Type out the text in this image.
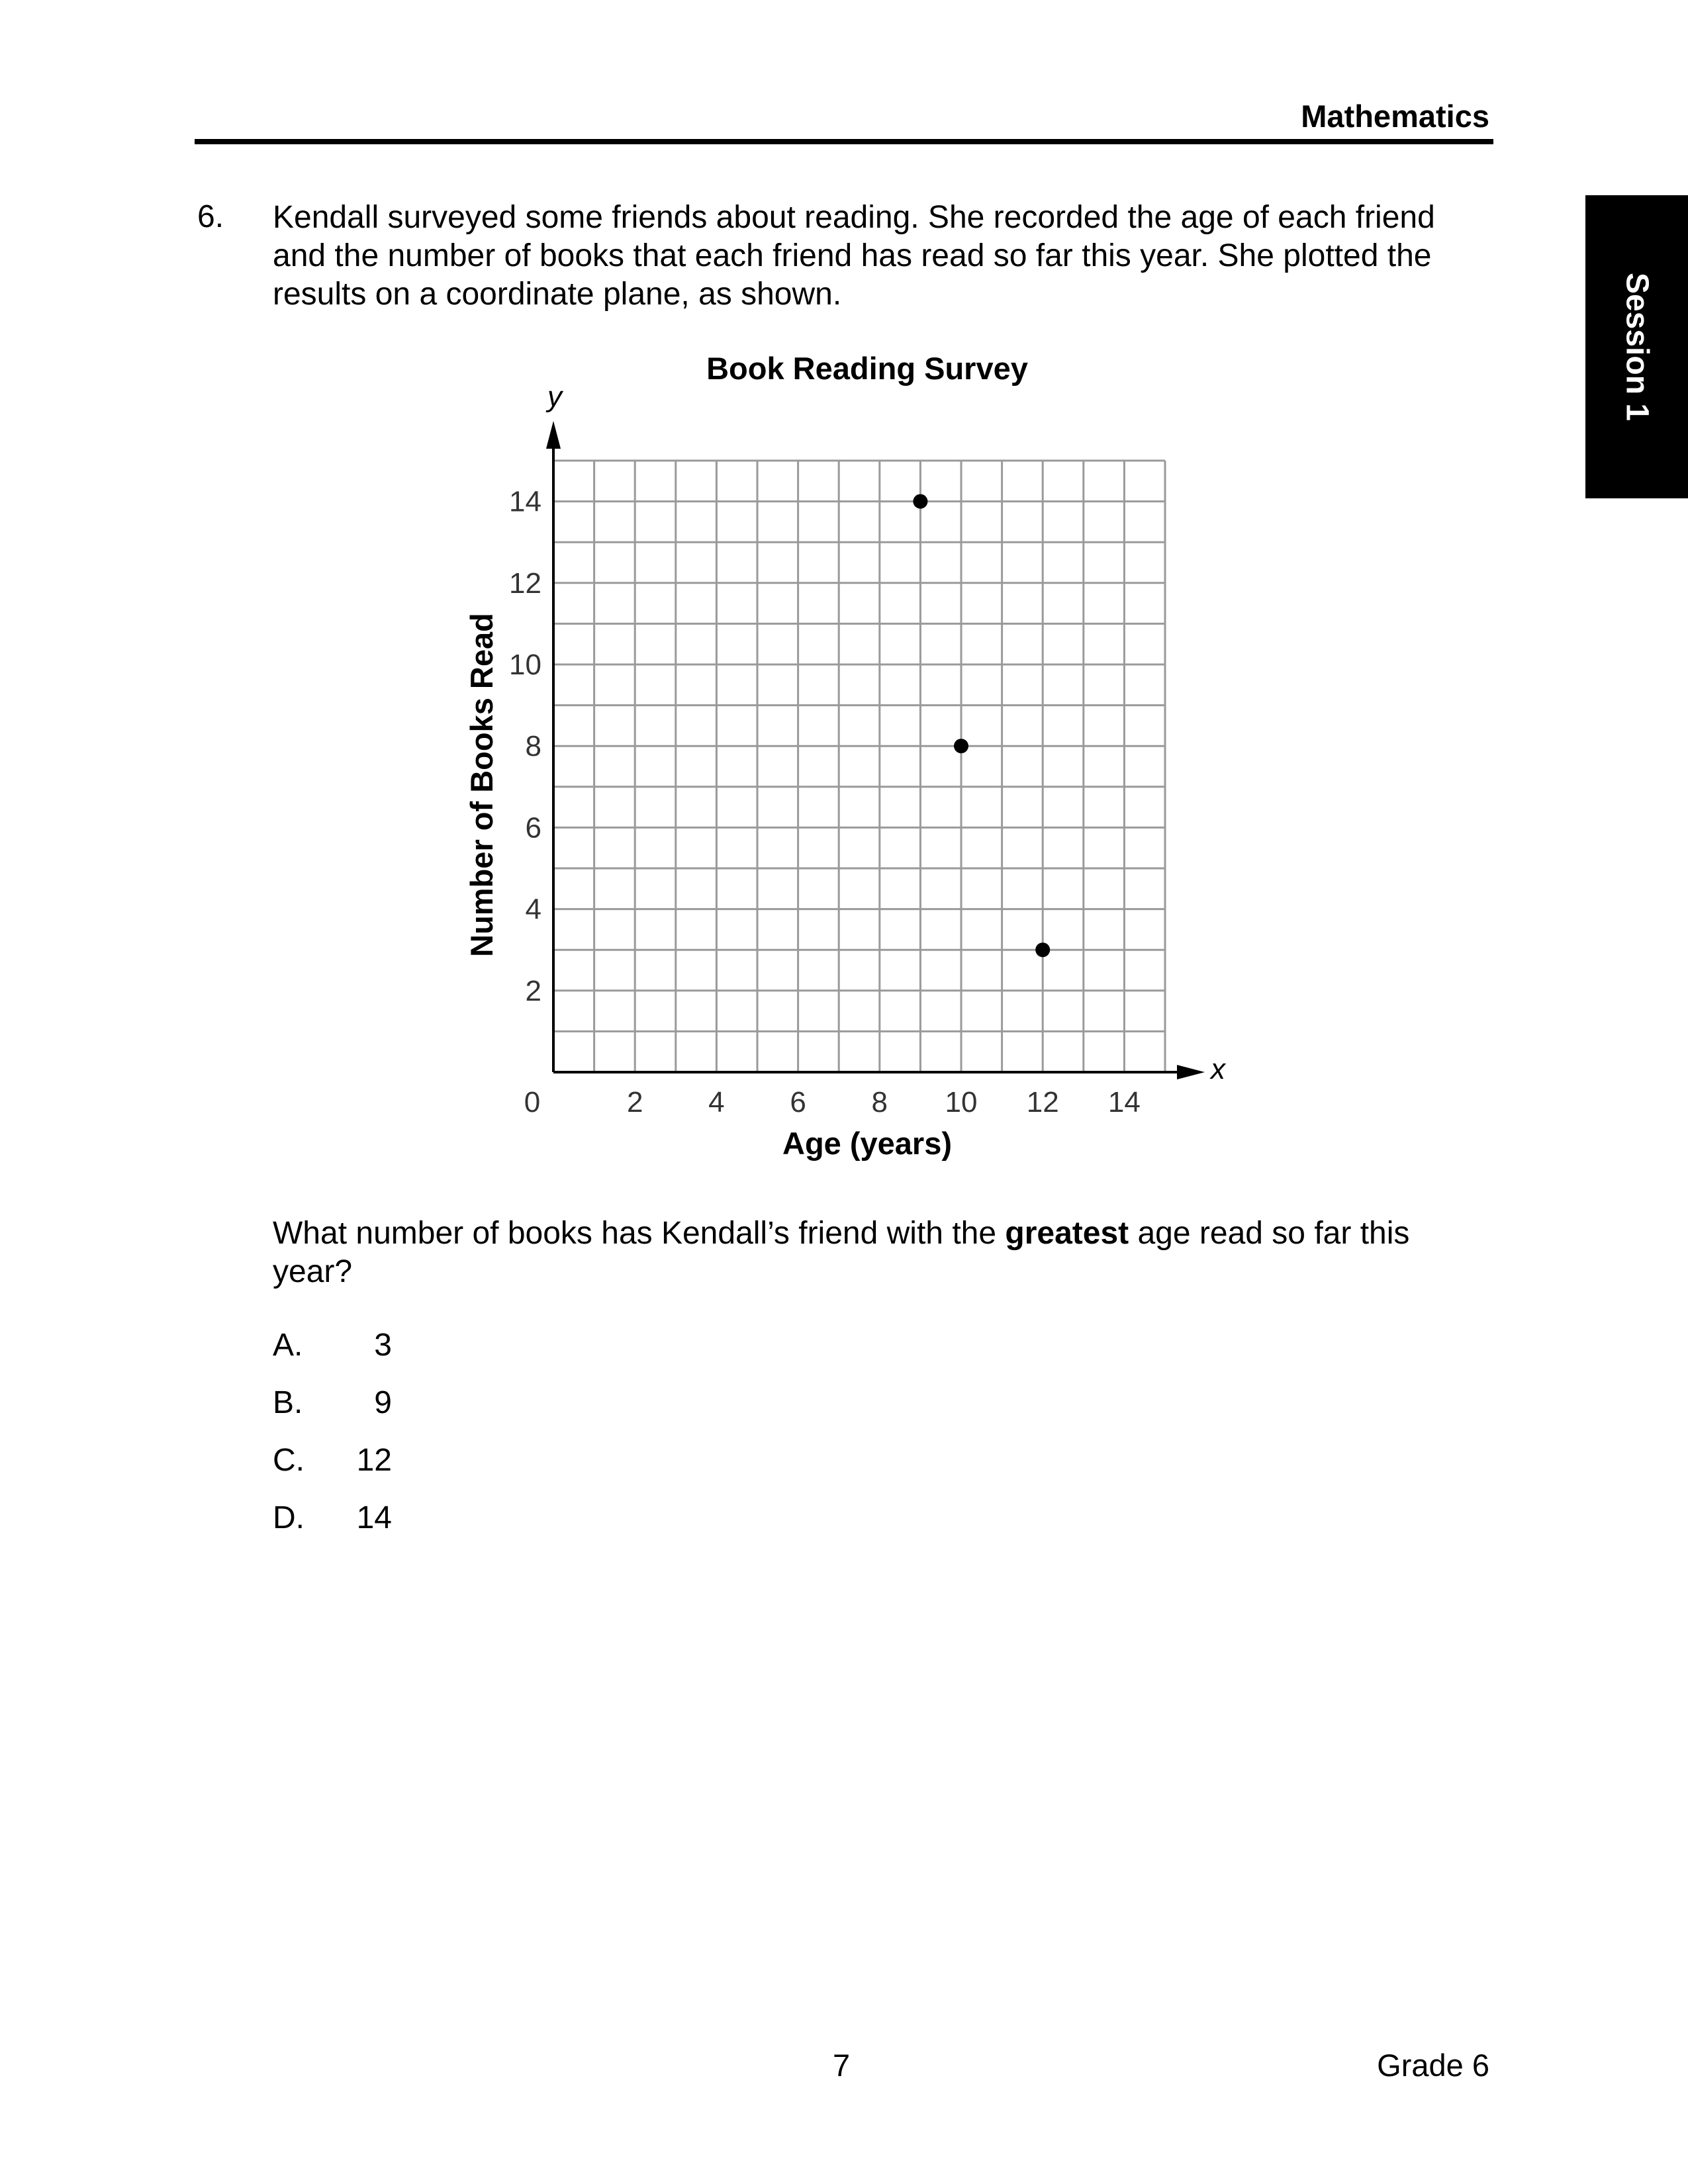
Mathematics
Session 1
6. Kendall surveyed some friends about reading. She recorded the age of each friend
and the number of books that each friend has read so far this year. She plotted the
results on a coordinate plane, as shown.
Book Reading Survey
2 4 6 8 10 12 14
2
4
6
8
10
12
14
x
y
0
Age (years)
Number of Books Read
What number of books has Kendall’s friend with the greatest age read so far this
year?
A. 3
B. 9
C. 12
D. 14
7	Grade 6
